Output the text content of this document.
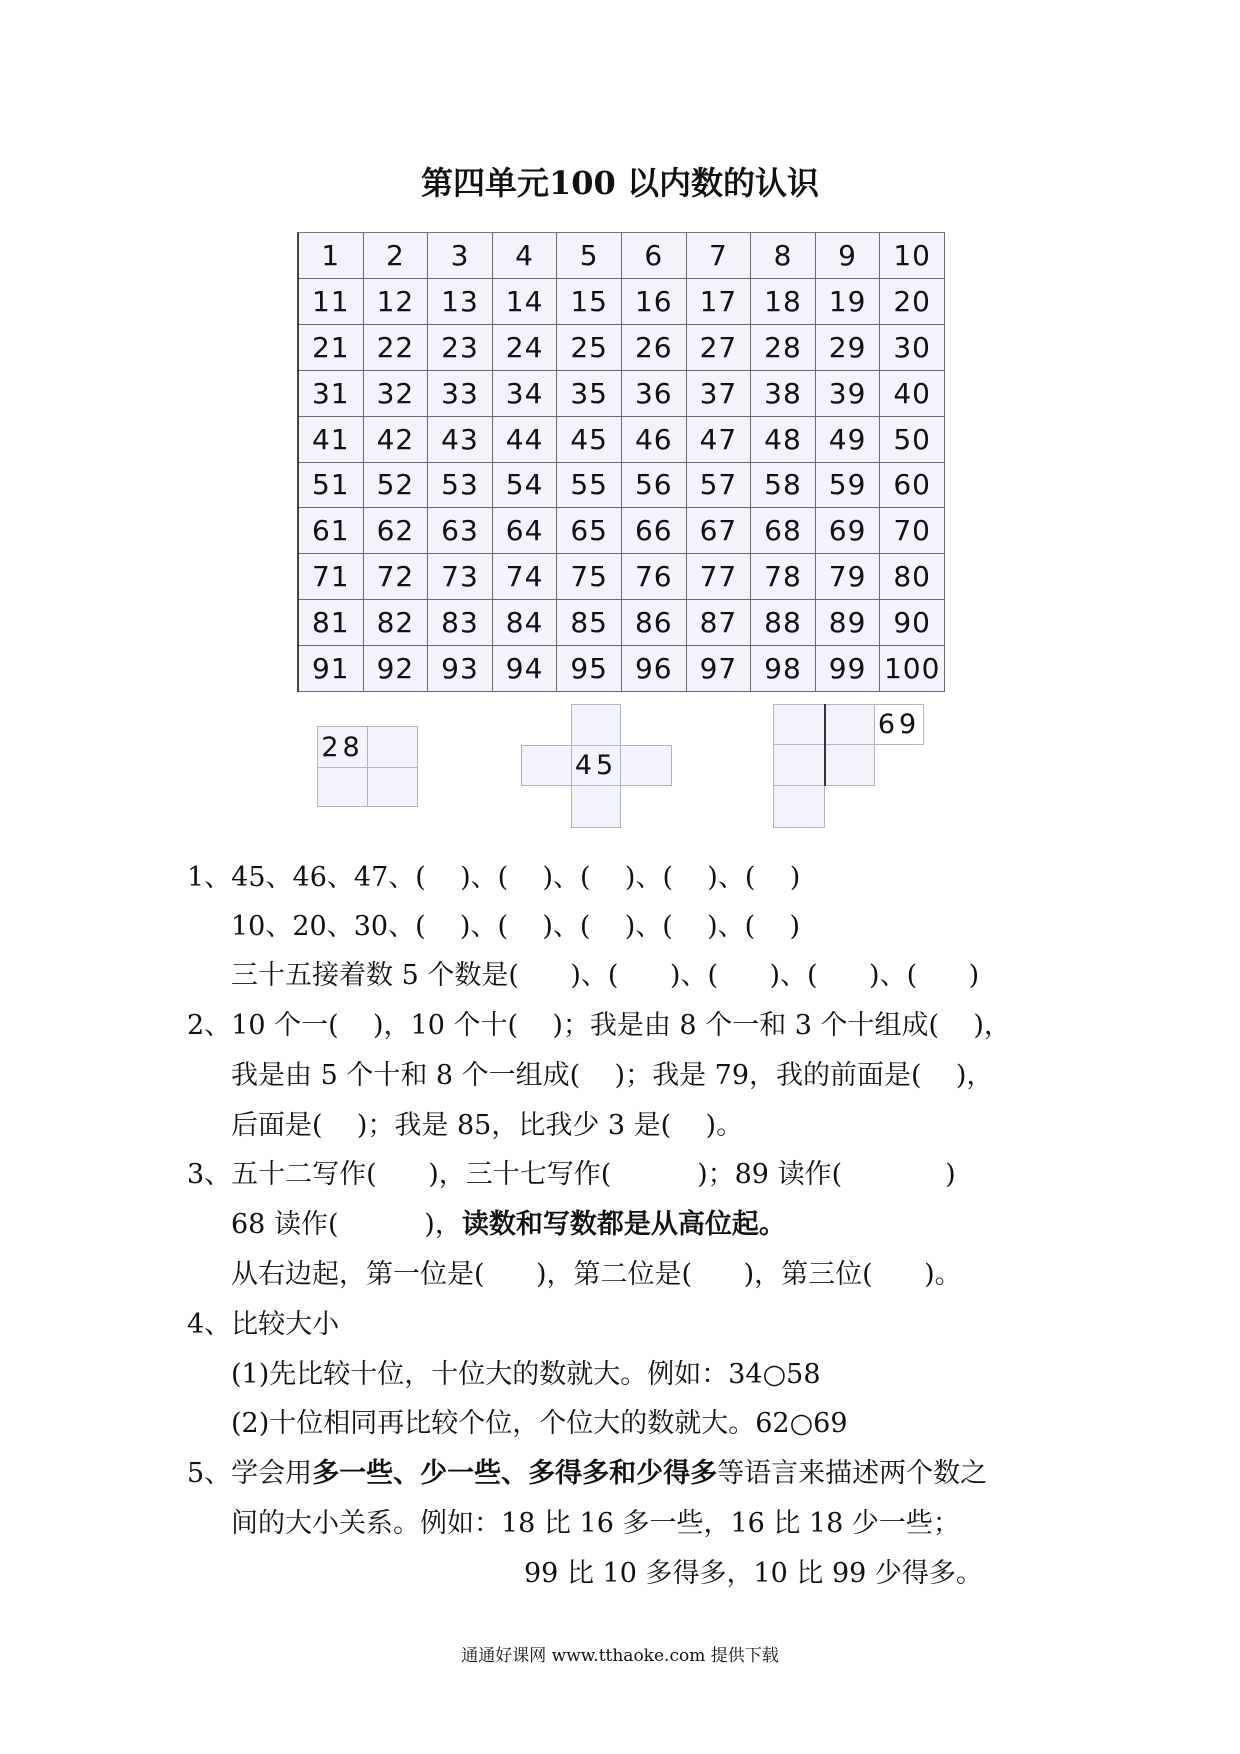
第四单元100 以内数的认识
1	2	3	4	5	6	7	8	9	10
11 12 13 14 15 16 17 18 19 20
21 22 23 24 25 26 27 28 29 30
31 32 33 34 35 36 37 38 39 40
41 42 43 44 45 46 47 48 49 50
51 52 53 54 55 56 57 58 59 60
61 62 63 64 65 66 67 68 69 70
71 72 73 74 75 76 77 78 79 80
81 82 83 84 85 86 87 88 89 90
91 92 93 94 95 96 97 98 99 100
28
45
69
1、45、46、47、(    )、(    )、(    )、(    )、(    )
10、20、30、(    )、(    )、(    )、(    )、(    )
三十五接着数 5 个数是(      )、(      )、(      )、(      )、(      )
2、10 个一(    )，10 个十(    )；我是由 8 个一和 3 个十组成(    )，
我是由 5 个十和 8 个一组成(    )；我是 79，我的前面是(    )，
后面是(    )；我是 85，比我少 3 是(    )。
3、五十二写作(      )，三十七写作(          )；89 读作(            )
68 读作(          )，读数和写数都是从高位起。
从右边起，第一位是(      )，第二位是(      )，第三位(      )。
4、比较大小
(1)先比较十位，十位大的数就大。例如：34○58
(2)十位相同再比较个位，个位大的数就大。62○69
5、学会用多一些、少一些、多得多和少得多等语言来描述两个数之
间的大小关系。例如：18 比 16 多一些，16 比 18 少一些；
99 比 10 多得多，10 比 99 少得多。
通通好课网 www.tthaoke.com 提供下载
